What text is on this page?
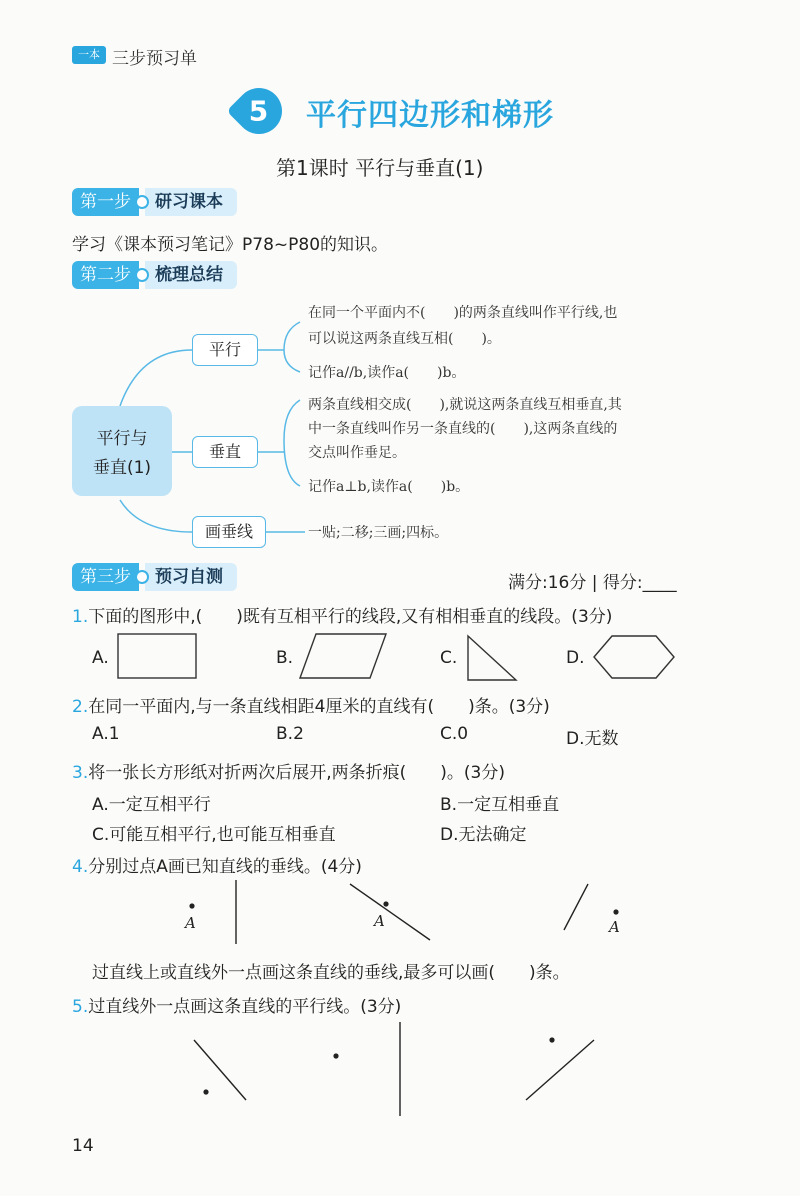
一本 三步预习单
5 平行四边形和梯形
第1课时 平行与垂直(1)
第一步	研习课本
学习《课本预习笔记》P78~P80的知识。
第二步	梳理总结
平行与
垂直(1)
平行
垂直
画垂线
在同一个平面内不(　　)的两条直线叫作平行线,也
可以说这两条直线互相(　　)。
记作a//b,读作a(　　)b。
两条直线相交成(　　),就说这两条直线互相垂直,其
中一条直线叫作另一条直线的(　　),这两条直线的
交点叫作垂足。
记作a⊥b,读作a(　　)b。
一贴;二移;三画;四标。
第三步	预习自测	满分:16分 | 得分:____
1.下面的图形中,(　　)既有互相平行的线段,又有相相垂直的线段。(3分)
A.	B.	C.	D.
2.在同一平面内,与一条直线相距4厘米的直线有(　　)条。(3分)
A.1	B.2	C.0	D.无数
3.将一张长方形纸对折两次后展开,两条折痕(　　)。(3分)
A.一定互相平行	B.一定互相垂直
C.可能互相平行,也可能互相垂直	D.无法确定
4.分别过点A画已知直线的垂线。(4分)
A	A	A
过直线上或直线外一点画这条直线的垂线,最多可以画(　　)条。
5.过直线外一点画这条直线的平行线。(3分)
14
